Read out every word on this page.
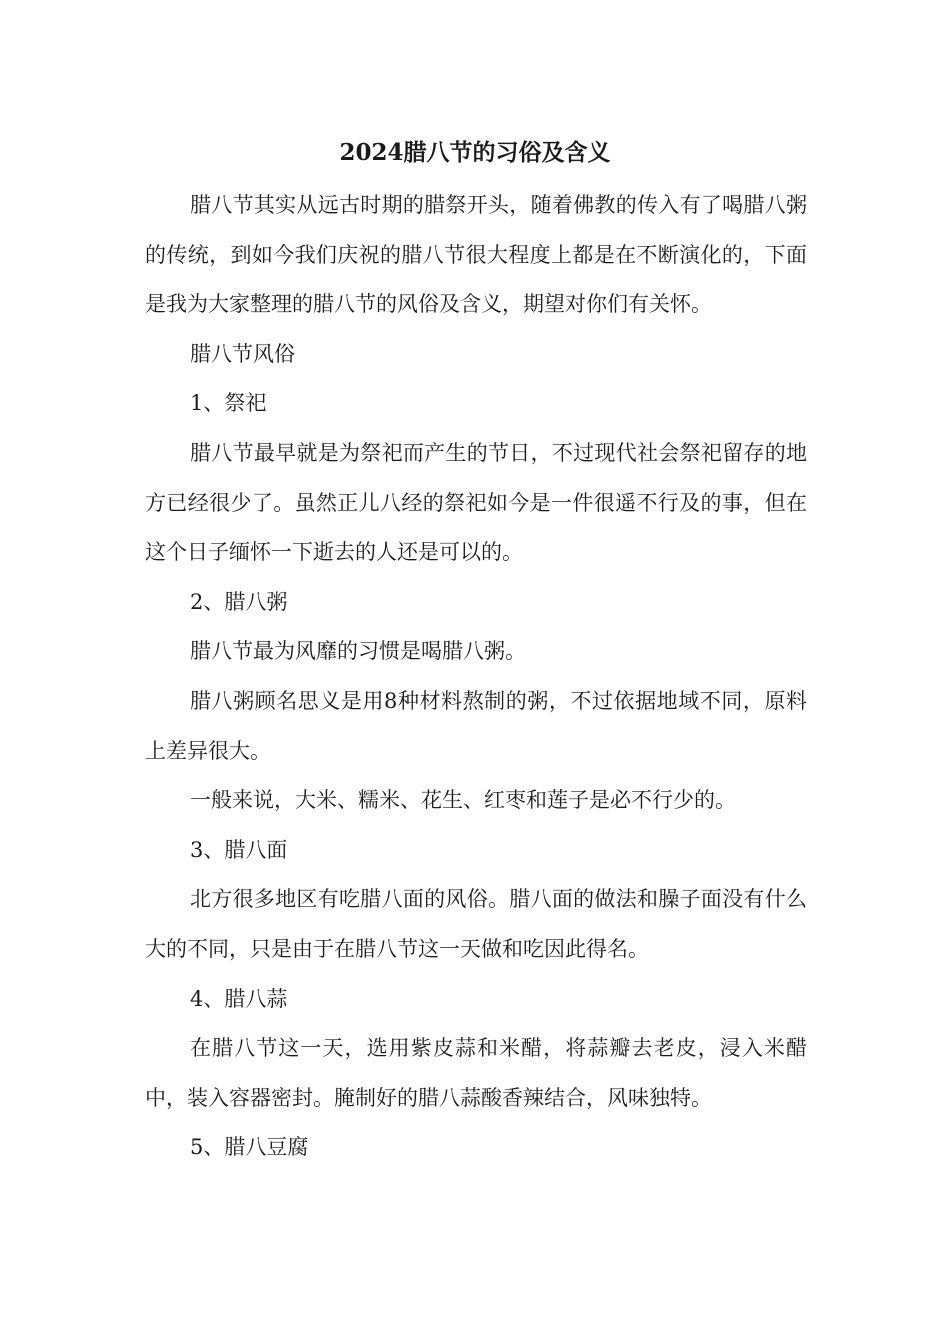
2024腊八节的习俗及含义

腊八节其实从远古时期的腊祭开头，随着佛教的传入有了喝腊八粥的传统，到如今我们庆祝的腊八节很大程度上都是在不断演化的，下面是我为大家整理的腊八节的风俗及含义，期望对你们有关怀。

腊八节风俗

1、祭祀

腊八节最早就是为祭祀而产生的节日，不过现代社会祭祀留存的地方已经很少了。虽然正儿八经的祭祀如今是一件很遥不行及的事，但在这个日子缅怀一下逝去的人还是可以的。

2、腊八粥

腊八节最为风靡的习惯是喝腊八粥。

腊八粥顾名思义是用8种材料熬制的粥，不过依据地域不同，原料上差异很大。

一般来说，大米、糯米、花生、红枣和莲子是必不行少的。

3、腊八面

北方很多地区有吃腊八面的风俗。腊八面的做法和臊子面没有什么大的不同，只是由于在腊八节这一天做和吃因此得名。

4、腊八蒜

在腊八节这一天，选用紫皮蒜和米醋，将蒜瓣去老皮，浸入米醋中，装入容器密封。腌制好的腊八蒜酸香辣结合，风味独特。

5、腊八豆腐
